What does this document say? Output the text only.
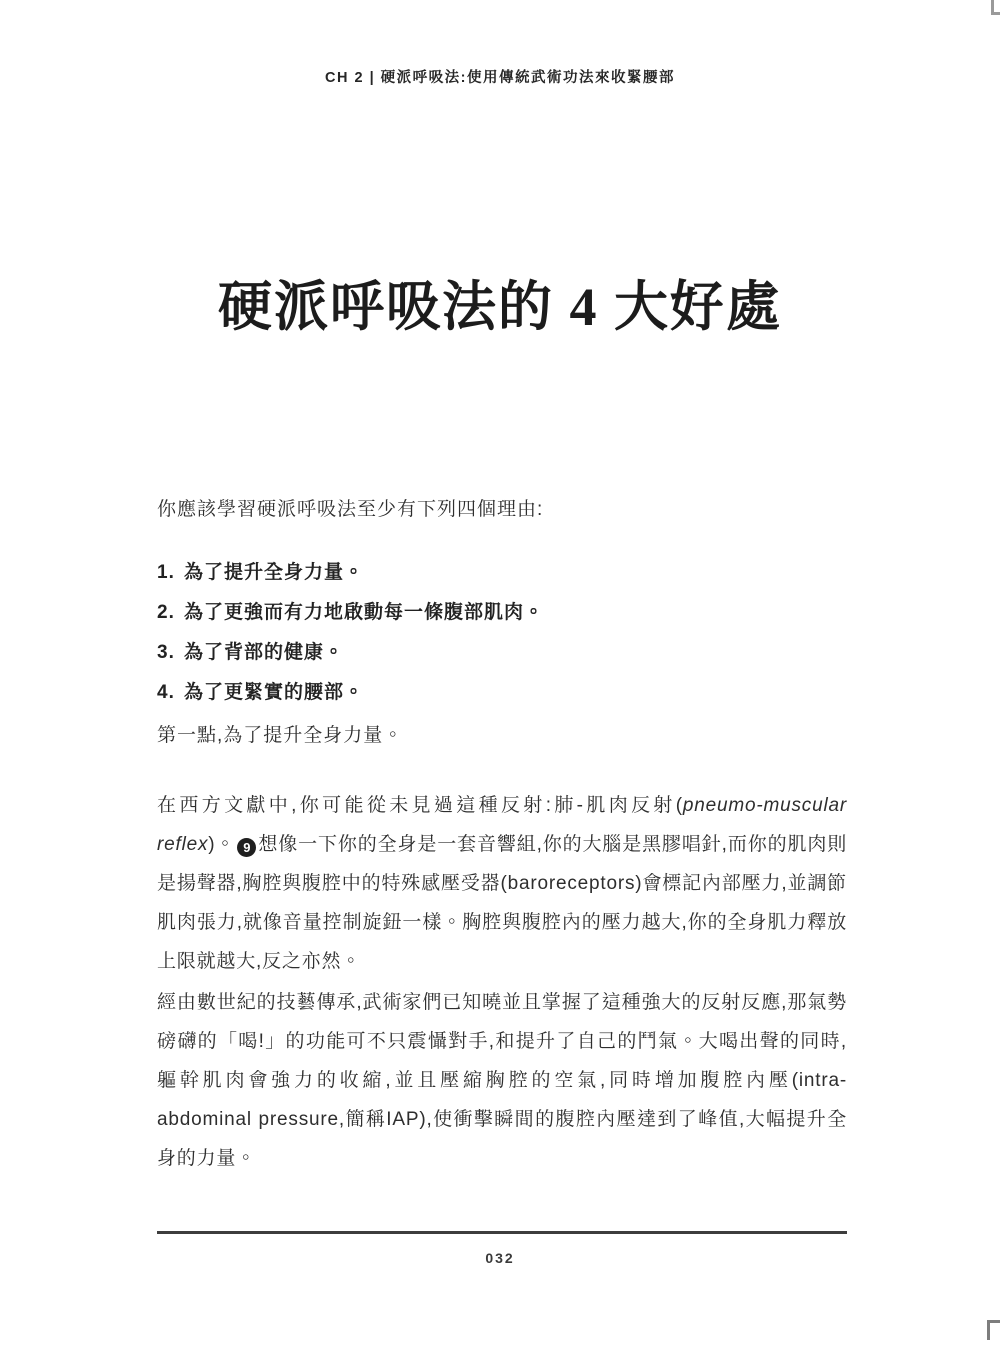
CH 2 | 硬派呼吸法:使用傳統武術功法來收緊腰部
硬派呼吸法的 4 大好處
你應該學習硬派呼吸法至少有下列四個理由:
1. 為了提升全身力量。
2. 為了更強而有力地啟動每一條腹部肌肉。
3. 為了背部的健康。
4. 為了更緊實的腰部。
第一點,為了提升全身力量。

在西方文獻中,你可能從未見過這種反射:肺-肌肉反射(pneumo-muscular reflex)。 9 想像一下你的全身是一套音響組,你的大腦是黑膠唱針,而你的肌肉則是揚聲器,胸腔與腹腔中的特殊感壓受器(baroreceptors)會標記內部壓力,並調節肌肉張力,就像音量控制旋鈕一樣。胸腔與腹腔內的壓力越大,你的全身肌力釋放上限就越大,反之亦然。

經由數世紀的技藝傳承,武術家們已知曉並且掌握了這種強大的反射反應,那氣勢磅礴的「喝!」的功能可不只震懾對手,和提升了自己的鬥氣。大喝出聲的同時,軀幹肌肉會強力的收縮,並且壓縮胸腔的空氣,同時增加腹腔內壓(intra-abdominal pressure,簡稱IAP),使衝擊瞬間的腹腔內壓達到了峰值,大幅提升全身的力量。

032
